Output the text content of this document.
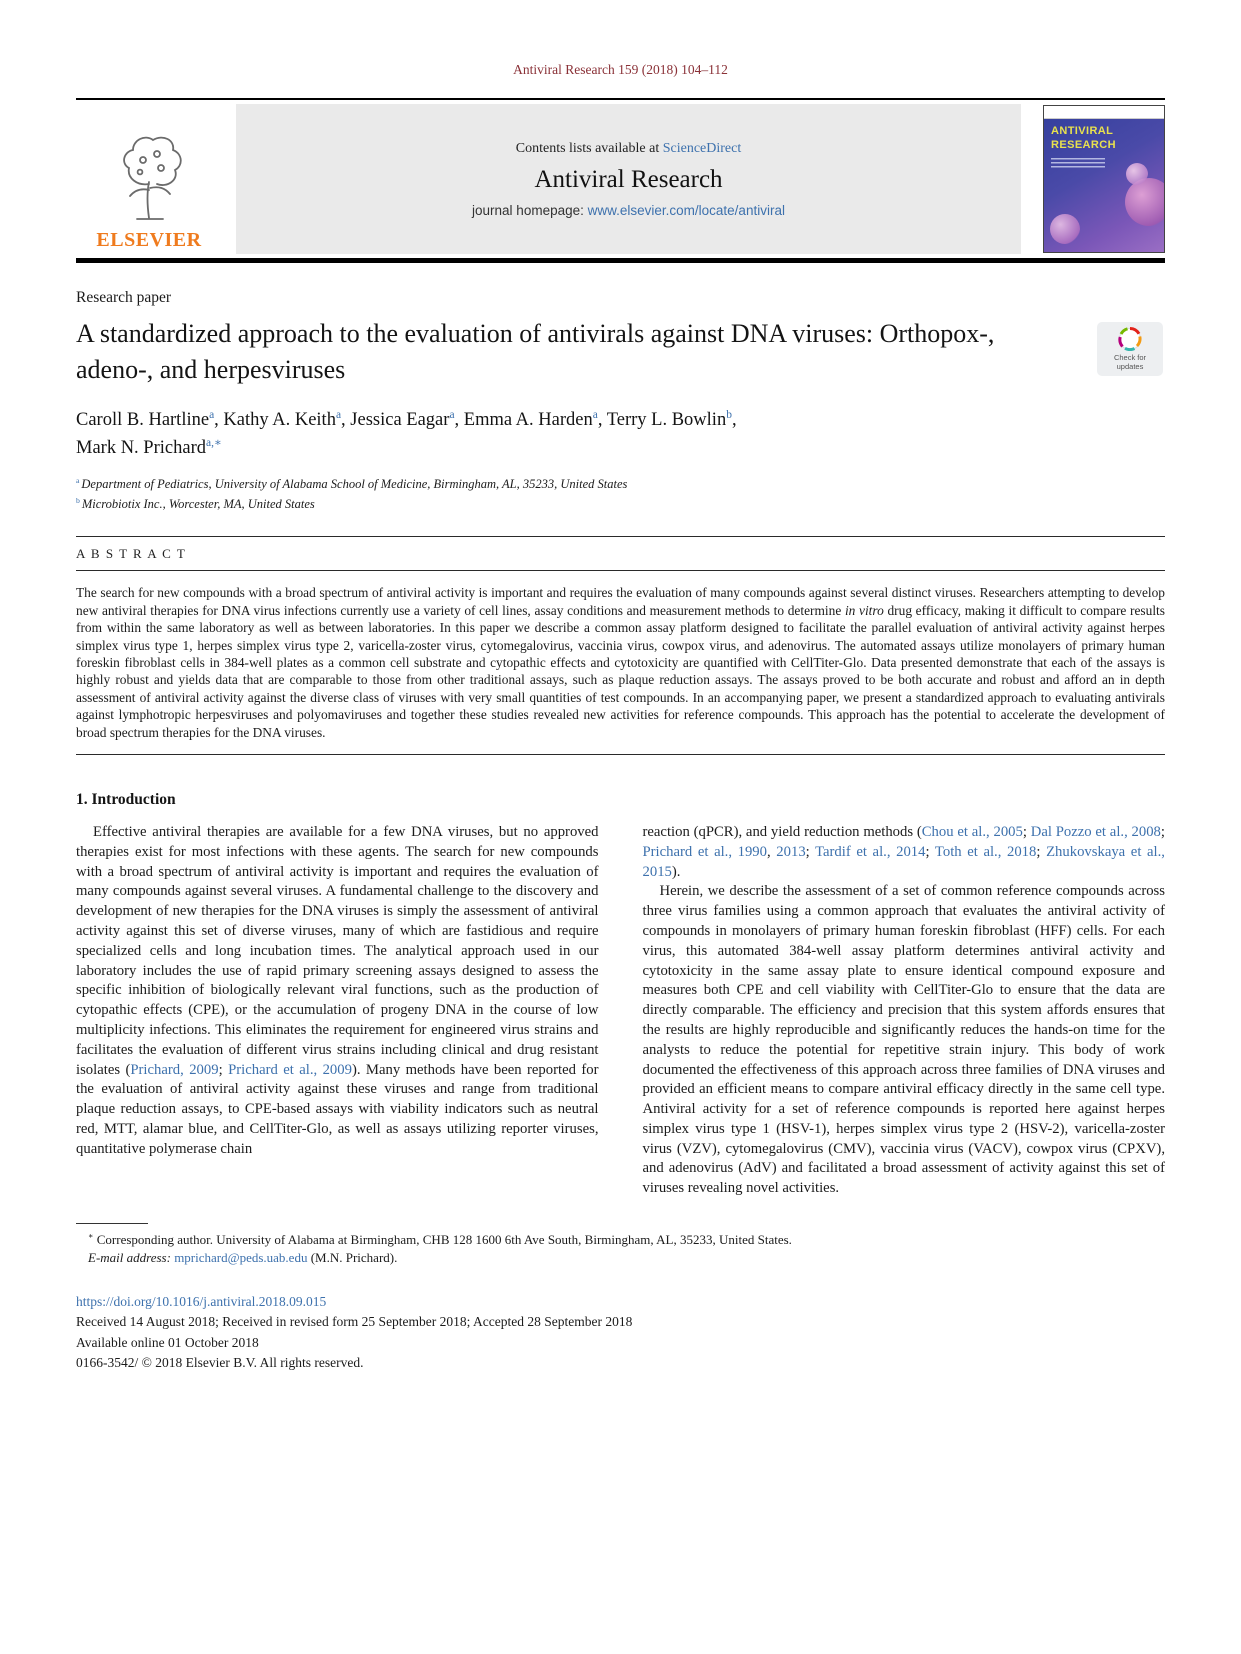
Antiviral Research 159 (2018) 104–112
ELSEVIER
Contents lists available at ScienceDirect
Antiviral Research
journal homepage: www.elsevier.com/locate/antiviral
ANTIVIRAL
RESEARCH
Research paper
A standardized approach to the evaluation of antivirals against DNA viruses: Orthopox-, adeno-, and herpesviruses	Check for updates
Caroll B. Hartline$^a$, Kathy A. Keith$^a$, Jessica Eagar$^a$, Emma A. Harden$^a$, Terry L. Bowlin$^b$,
Mark N. Prichard$^{a,∗}$
$^a$ Department of Pediatrics, University of Alabama School of Medicine, Birmingham, AL, 35233, United States
$^b$ Microbiotix Inc., Worcester, MA, United States
A B S T R A C T

The search for new compounds with a broad spectrum of antiviral activity is important and requires the evaluation of many compounds against several distinct viruses. Researchers attempting to develop new antiviral therapies for DNA virus infections currently use a variety of cell lines, assay conditions and measurement methods to determine in vitro drug efficacy, making it difficult to compare results from within the same laboratory as well as between laboratories. In this paper we describe a common assay platform designed to facilitate the parallel evaluation of antiviral activity against herpes simplex virus type 1, herpes simplex virus type 2, varicella-zoster virus, cytomegalovirus, vaccinia virus, cowpox virus, and adenovirus. The automated assays utilize monolayers of primary human foreskin fibroblast cells in 384-well plates as a common cell substrate and cytopathic effects and cytotoxicity are quantified with CellTiter-Glo. Data presented demonstrate that each of the assays is highly robust and yields data that are comparable to those from other traditional assays, such as plaque reduction assays. The assays proved to be both accurate and robust and afford an in depth assessment of antiviral activity against the diverse class of viruses with very small quantities of test compounds. In an accompanying paper, we present a standardized approach to evaluating antivirals against lymphotropic herpesviruses and polyomaviruses and together these studies revealed new activities for reference compounds. This approach has the potential to accelerate the development of broad spectrum therapies for the DNA viruses.

1. Introduction

Effective antiviral therapies are available for a few DNA viruses, but no approved therapies exist for most infections with these agents. The search for new compounds with a broad spectrum of antiviral activity is important and requires the evaluation of many compounds against several viruses. A fundamental challenge to the discovery and development of new therapies for the DNA viruses is simply the assessment of antiviral activity against this set of diverse viruses, many of which are fastidious and require specialized cells and long incubation times. The analytical approach used in our laboratory includes the use of rapid primary screening assays designed to assess the specific inhibition of biologically relevant viral functions, such as the production of cytopathic effects (CPE), or the accumulation of progeny DNA in the course of low multiplicity infections. This eliminates the requirement for engineered virus strains and facilitates the evaluation of different virus strains including clinical and drug resistant isolates (Prichard, 2009; Prichard et al., 2009). Many methods have been reported for the evaluation of antiviral activity against these viruses and range from traditional plaque reduction assays, to CPE-based assays with viability indicators such as neutral red, MTT, alamar blue, and CellTiter-Glo, as well as assays utilizing reporter viruses, quantitative polymerase chain

reaction (qPCR), and yield reduction methods (Chou et al., 2005; Dal Pozzo et al., 2008; Prichard et al., 1990, 2013; Tardif et al., 2014; Toth et al., 2018; Zhukovskaya et al., 2015).

Herein, we describe the assessment of a set of common reference compounds across three virus families using a common approach that evaluates the antiviral activity of compounds in monolayers of primary human foreskin fibroblast (HFF) cells. For each virus, this automated 384-well assay platform determines antiviral activity and cytotoxicity in the same assay plate to ensure identical compound exposure and measures both CPE and cell viability with CellTiter-Glo to ensure that the data are directly comparable. The efficiency and precision that this system affords ensures that the results are highly reproducible and significantly reduces the hands-on time for the analysts to reduce the potential for repetitive strain injury. This body of work documented the effectiveness of this approach across three families of DNA viruses and provided an efficient means to compare antiviral efficacy directly in the same cell type. Antiviral activity for a set of reference compounds is reported here against herpes simplex virus type 1 (HSV-1), herpes simplex virus type 2 (HSV-2), varicella-zoster virus (VZV), cytomegalovirus (CMV), vaccinia virus (VACV), cowpox virus (CPXV), and adenovirus (AdV) and facilitated a broad assessment of activity against this set of viruses revealing novel activities.

∗ Corresponding author. University of Alabama at Birmingham, CHB 128 1600 6th Ave South, Birmingham, AL, 35233, United States.

E-mail address: mprichard@peds.uab.edu (M.N. Prichard).

https://doi.org/10.1016/j.antiviral.2018.09.015
Received 14 August 2018; Received in revised form 25 September 2018; Accepted 28 September 2018
Available online 01 October 2018
0166-3542/ © 2018 Elsevier B.V. All rights reserved.
